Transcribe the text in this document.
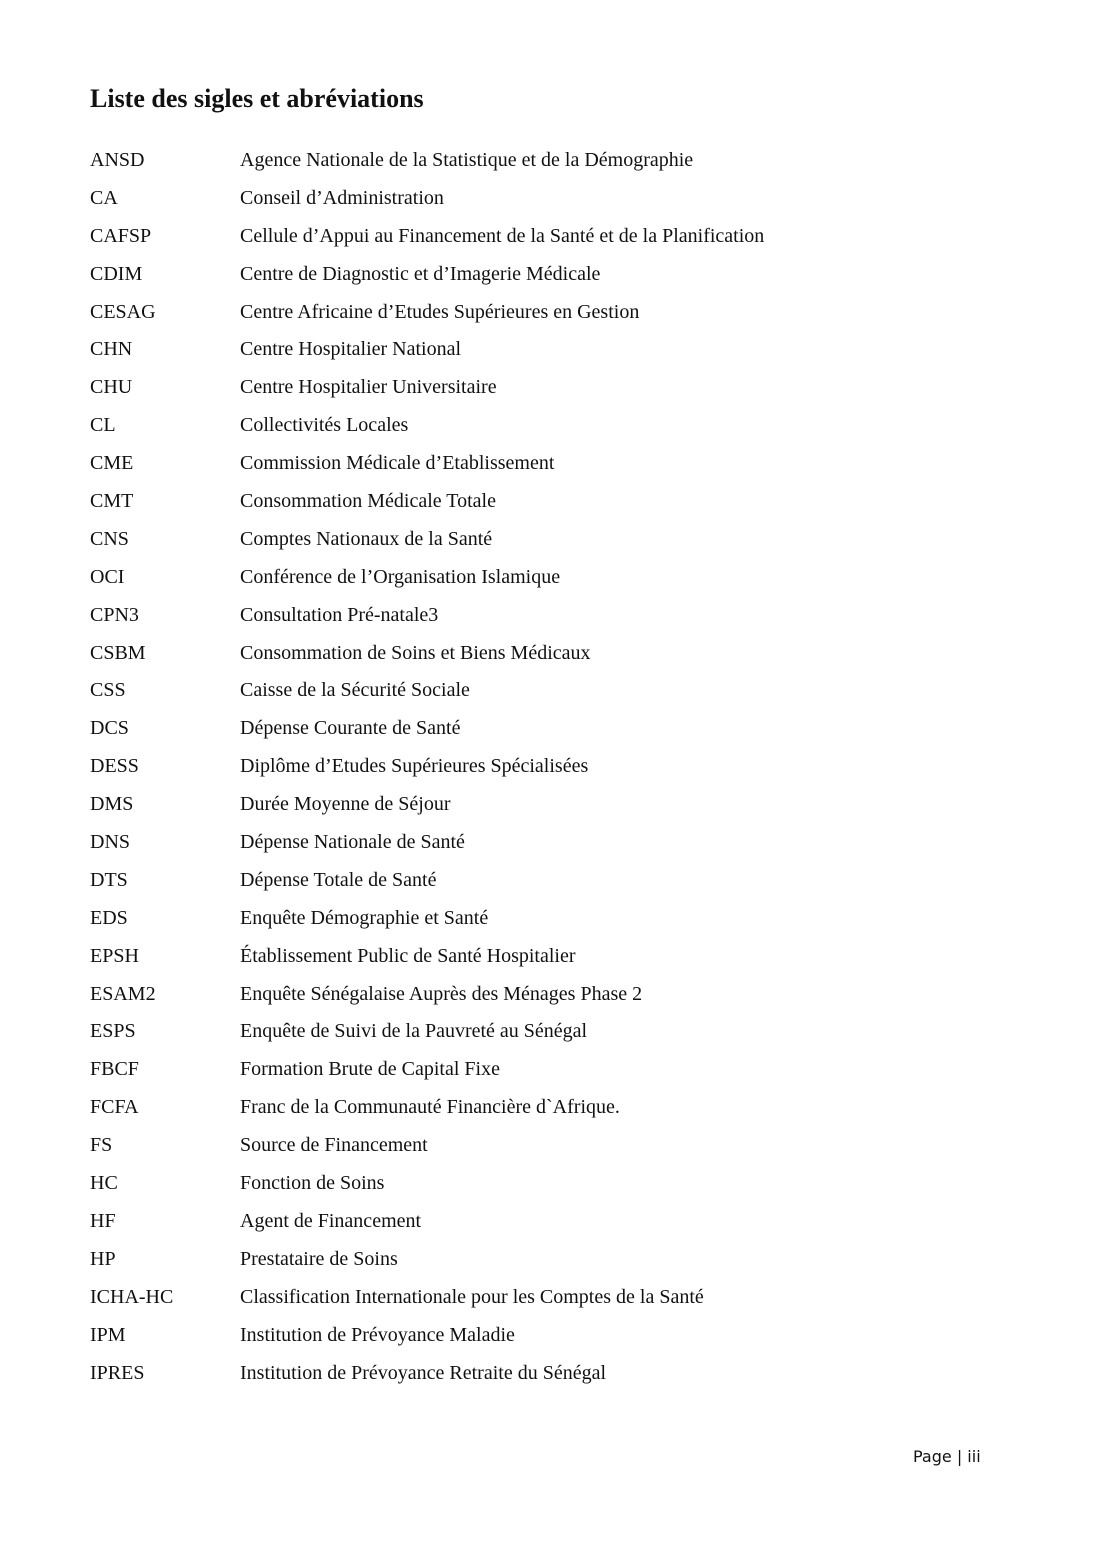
Liste des sigles et abréviations
ANSD	Agence Nationale de la Statistique et de la Démographie
CA	Conseil d’Administration
CAFSP	Cellule d’Appui au Financement de la Santé et de la Planification
CDIM	Centre de Diagnostic et d’Imagerie Médicale
CESAG	Centre Africaine d’Etudes Supérieures en Gestion
CHN	Centre Hospitalier National
CHU	Centre Hospitalier Universitaire
CL	Collectivités Locales
CME	Commission Médicale d’Etablissement
CMT	Consommation Médicale Totale
CNS	Comptes Nationaux de la Santé
OCI	Conférence de l’Organisation Islamique
CPN3	Consultation Pré-natale3
CSBM	Consommation de Soins et Biens Médicaux
CSS	Caisse de la Sécurité Sociale
DCS	Dépense Courante de Santé
DESS	Diplôme d’Etudes Supérieures Spécialisées
DMS	Durée Moyenne de Séjour
DNS	Dépense Nationale de Santé
DTS	Dépense Totale de Santé
EDS	Enquête Démographie et Santé
EPSH	Établissement Public de Santé Hospitalier
ESAM2	Enquête Sénégalaise Auprès des Ménages Phase 2
ESPS	Enquête de Suivi de la Pauvreté au Sénégal
FBCF	Formation Brute de Capital Fixe
FCFA	Franc de la Communauté Financière d`Afrique.
FS	Source de Financement
HC	Fonction de Soins
HF	Agent de Financement
HP	Prestataire de Soins
ICHA-HC	Classification Internationale pour les Comptes de la Santé
IPM	Institution de Prévoyance Maladie
IPRES	Institution de Prévoyance Retraite du Sénégal
Page | iii
